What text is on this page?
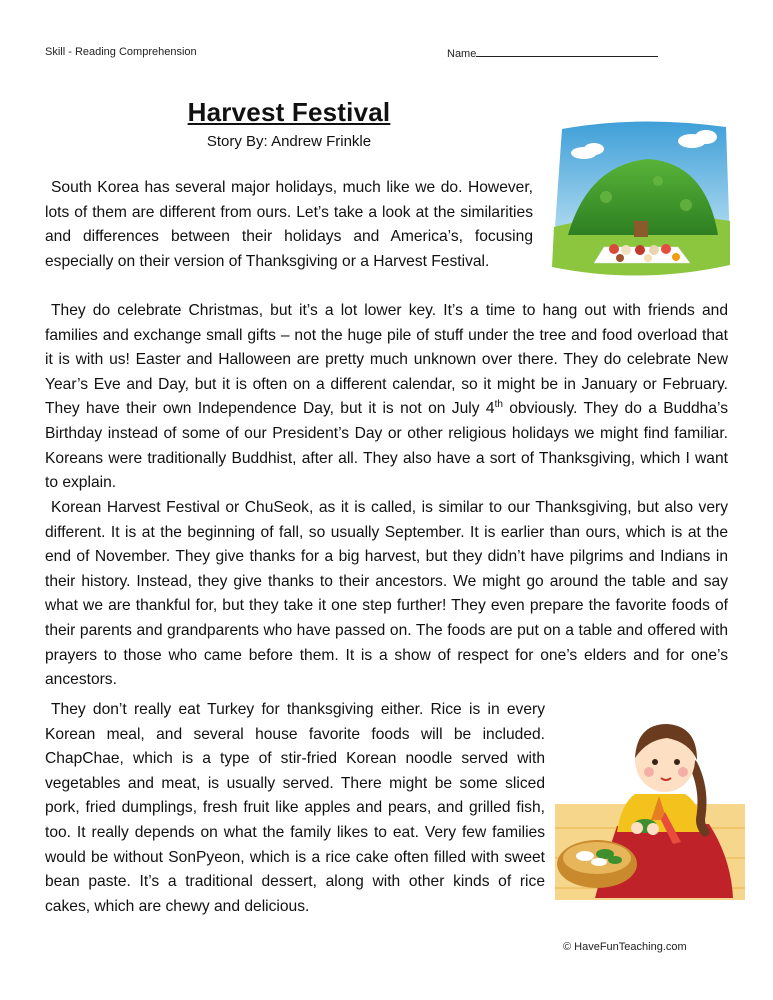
Skill - Reading Comprehension	Name
Harvest Festival
Story By: Andrew Frinkle

South Korea has several major holidays, much like we do. However, lots of them are different from ours. Let’s take a look at the similarities and differences between their holidays and America’s, focusing especially on their version of Thanksgiving or a Harvest Festival.

They do celebrate Christmas, but it’s a lot lower key. It’s a time to hang out with friends and families and exchange small gifts – not the huge pile of stuff under the tree and food overload that it is with us! Easter and Halloween are pretty much unknown over there. They do celebrate New Year’s Eve and Day, but it is often on a different calendar, so it might be in January or February. They have their own Independence Day, but it is not on July 4th obviously. They do a Buddha’s Birthday instead of some of our President’s Day or other religious holidays we might find familiar. Koreans were traditionally Buddhist, after all. They also have a sort of Thanksgiving, which I want to explain.

Korean Harvest Festival or ChuSeok, as it is called, is similar to our Thanksgiving, but also very different. It is at the beginning of fall, so usually September. It is earlier than ours, which is at the end of November. They give thanks for a big harvest, but they didn’t have pilgrims and Indians in their history. Instead, they give thanks to their ancestors. We might go around the table and say what we are thankful for, but they take it one step further! They even prepare the favorite foods of their parents and grandparents who have passed on. The foods are put on a table and offered with prayers to those who came before them. It is a show of respect for one’s elders and for one’s ancestors.

They don’t really eat Turkey for thanksgiving either. Rice is in every Korean meal, and several house favorite foods will be included. ChapChae, which is a type of stir-fried Korean noodle served with vegetables and meat, is usually served. There might be some sliced pork, fried dumplings, fresh fruit like apples and pears, and grilled fish, too. It really depends on what the family likes to eat. Very few families would be without SonPyeon, which is a rice cake often filled with sweet bean paste. It’s a traditional dessert, along with other kinds of rice cakes, which are chewy and delicious.

© HaveFunTeaching.com
